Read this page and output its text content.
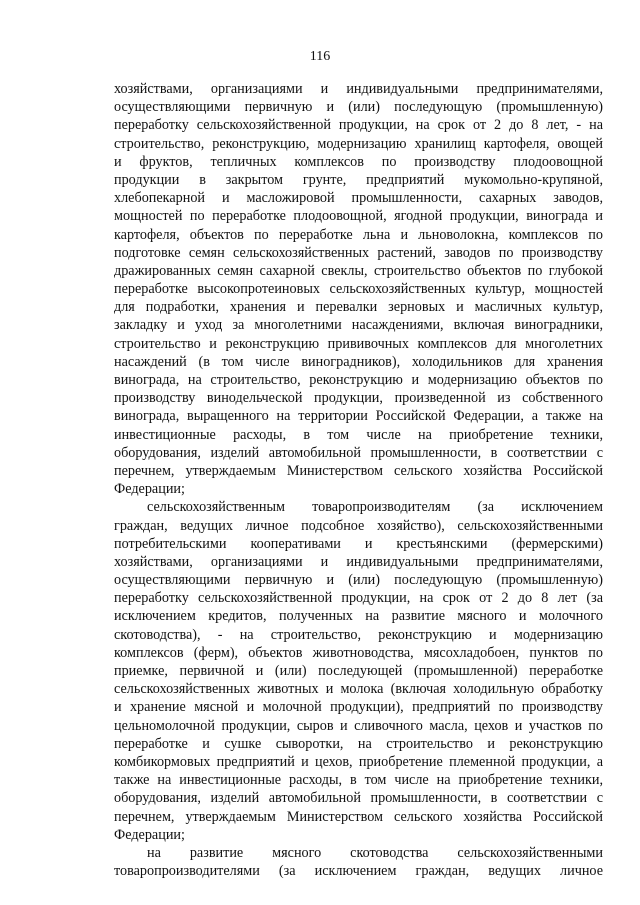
116
хозяйствами, организациями и индивидуальными предпринимателями,
осуществляющими первичную и (или) последующую (промышленную)
переработку сельскохозяйственной продукции, на срок от 2 до 8 лет, - на
строительство, реконструкцию, модернизацию хранилищ картофеля, овощей
и фруктов, тепличных комплексов по производству плодоовощной
продукции в закрытом грунте, предприятий мукомольно-крупяной,
хлебопекарной и масложировой промышленности, сахарных заводов,
мощностей по переработке плодоовощной, ягодной продукции, винограда и
картофеля, объектов по переработке льна и льноволокна, комплексов по
подготовке семян сельскохозяйственных растений, заводов по производству
дражированных семян сахарной свеклы, строительство объектов по глубокой
переработке высокопротеиновых сельскохозяйственных культур, мощностей
для подработки, хранения и перевалки зерновых и масличных культур,
закладку и уход за многолетними насаждениями, включая виноградники,
строительство и реконструкцию прививочных комплексов для многолетних
насаждений (в том числе виноградников), холодильников для хранения
винограда, на строительство, реконструкцию и модернизацию объектов по
производству винодельческой продукции, произведенной из собственного
винограда, выращенного на территории Российской Федерации, а также на
инвестиционные расходы, в том числе на приобретение техники,
оборудования, изделий автомобильной промышленности, в соответствии с
перечнем, утверждаемым Министерством сельского хозяйства Российской
Федерации;
сельскохозяйственным товаропроизводителям (за исключением
граждан, ведущих личное подсобное хозяйство), сельскохозяйственными
потребительскими кооперативами и крестьянскими (фермерскими)
хозяйствами, организациями и индивидуальными предпринимателями,
осуществляющими первичную и (или) последующую (промышленную)
переработку сельскохозяйственной продукции, на срок от 2 до 8 лет (за
исключением кредитов, полученных на развитие мясного и молочного
скотоводства), - на строительство, реконструкцию и модернизацию
комплексов (ферм), объектов животноводства, мясохладобоен, пунктов по
приемке, первичной и (или) последующей (промышленной) переработке
сельскохозяйственных животных и молока (включая холодильную обработку
и хранение мясной и молочной продукции), предприятий по производству
цельномолочной продукции, сыров и сливочного масла, цехов и участков по
переработке и сушке сыворотки, на строительство и реконструкцию
комбикормовых предприятий и цехов, приобретение племенной продукции, а
также на инвестиционные расходы, в том числе на приобретение техники,
оборудования, изделий автомобильной промышленности, в соответствии с
перечнем, утверждаемым Министерством сельского хозяйства Российской
Федерации;
на развитие мясного скотоводства сельскохозяйственными
товаропроизводителями (за исключением граждан, ведущих личное
